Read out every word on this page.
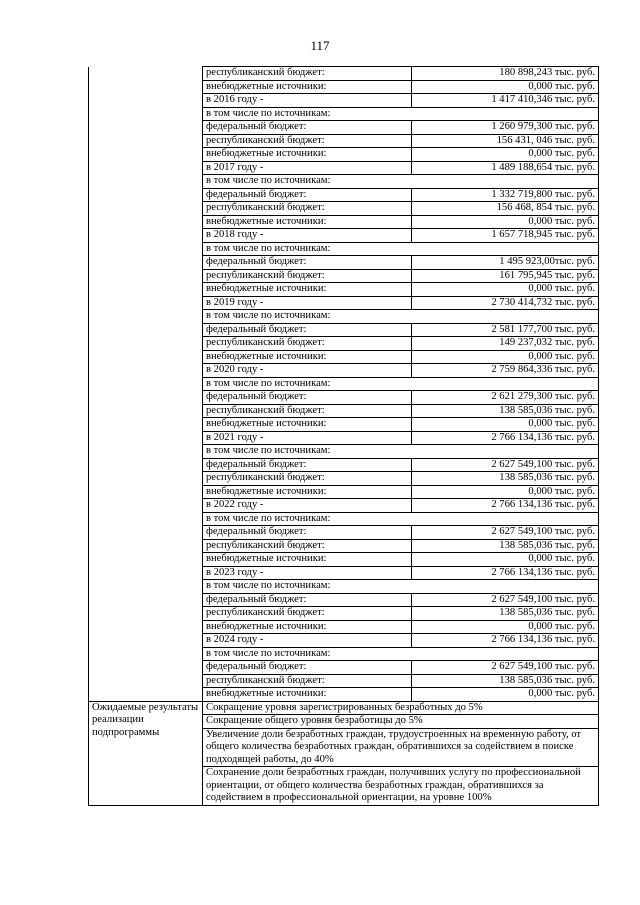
117
	республиканский бюджет:	180 898,243 тыс. руб.
	внебюджетные источники:	0,000 тыс. руб.
	в 2016 году -	1 417 410,346 тыс. руб.
	в том числе по источникам:	
	федеральный бюджет:	1 260 979,300 тыс. руб.
	республиканский бюджет:	156 431, 046 тыс. руб.
	внебюджетные источники:	0,000 тыс. руб.
	в 2017 году -	1 489 188,654 тыс. руб.
	в том числе по источникам:	
	федеральный бюджет:	1 332 719,800 тыс. руб.
	республиканский бюджет:	156 468, 854 тыс. руб.
	внебюджетные источники:	0,000 тыс. руб.
	в 2018 году -	1 657 718,945 тыс. руб.
	в том числе по источникам:	
	федеральный бюджет:	1 495 923,00тыс. руб.
	республиканский бюджет:	161 795,945 тыс. руб.
	внебюджетные источники:	0,000 тыс. руб.
	в 2019 году -	2 730 414,732 тыс. руб.
	в том числе по источникам:	
	федеральный бюджет:	2 581 177,700 тыс. руб.
	республиканский бюджет:	149 237,032 тыс. руб.
	внебюджетные источники:	0,000 тыс. руб.
	в 2020 году -	2 759 864,336 тыс. руб.
	в том числе по источникам:	
	федеральный бюджет:	2 621 279,300 тыс. руб.
	республиканский бюджет:	138 585,036 тыс. руб.
	внебюджетные источники:	0,000 тыс. руб.
	в 2021 году -	2 766 134,136 тыс. руб.
	в том числе по источникам:	
	федеральный бюджет:	2 627 549,100 тыс. руб.
	республиканский бюджет:	138 585,036 тыс. руб.
	внебюджетные источники:	0,000 тыс. руб.
	в 2022 году -	2 766 134,136 тыс. руб.
	в том числе по источникам:	
	федеральный бюджет:	2 627 549,100 тыс. руб.
	республиканский бюджет:	138 585,036 тыс. руб.
	внебюджетные источники:	0,000 тыс. руб.
	в 2023 году -	2 766 134,136 тыс. руб.
	в том числе по источникам:	
	федеральный бюджет:	2 627 549,100 тыс. руб.
	республиканский бюджет:	138 585,036 тыс. руб.
	внебюджетные источники:	0,000 тыс. руб.
	в 2024 году -	2 766 134,136 тыс. руб.
	в том числе по источникам:	
	федеральный бюджет:	2 627 549,100 тыс. руб.
	республиканский бюджет:	138 585,036 тыс. руб.
	внебюджетные источники:	0,000 тыс. руб.
Ожидаемые результаты реализации подпрограммы	Сокращение уровня зарегистрированных безработных до 5%	
	Сокращение общего уровня безработицы до 5%	
	Увеличение доли безработных граждан, трудоустроенных на временную работу, от общего количества безработных граждан, обратившихся за содействием в поиске подходящей работы, до 40%	
	Сохранение доли безработных граждан, получивших услугу по профессиональной ориентации, от общего количества безработных граждан, обратившихся за содействием в профессиональной ориентации, на уровне 100%	
